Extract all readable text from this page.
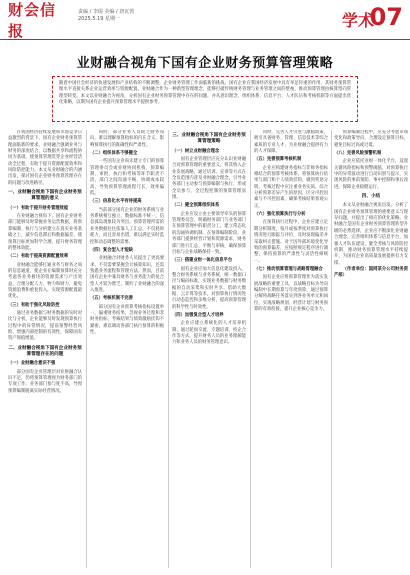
财会信报
责编 / 李琨 美编 / 唐瓦勃
2025.5.19 星期一	学术
07
业财融合视角下国有企业财务预算管理策略
随着中国社会经济的快速发展和产业结构的不断调整，企业财务管理工作面临新的挑战。国有企业在我国经济发展中具有举足轻重的作用，其财务预算管理水平直接关系企业运营效率与资源配置。业财融合作为一种新型管理理念，能够打破传统财务管理与业务管理之间的壁垒，推动预算管理由核算型向管理型转变。本文以业财融合为视角，分析国有企业财务预算管理中存在的问题，并从意识理念、组织体系、信息平台、人才队伍和考核机制等方面提出优化策略，以期为国有企业提升预算管理水平提供参考。

在我国经济持续发展和市场竞争日益激烈的背景下，国有企业财务预算管理面临新的要求。业财融合强调业务与财务的深度结合，以数据共享和流程协同为基础，使预算管理贯穿企业经营活动全过程，有助于提升资源配置效率和风险防控能力。本文从业财融合的内涵出发，探讨国有企业财务预算管理存在的问题与改进路径。

一、业财融合视角下国有企业财务预算管理的意义

（一）有助于提升财务管理效能

在业财融合视角下，国有企业财务部门能够及时掌握业务运营数据，将预算编制、执行与分析建立在真实业务基础之上，减少信息滞后和数据偏差，使预算目标更加科学合理，提升财务管理的整体效能。

（二）有助于提高资源配置效率

业财融合能够打通业务与财务之间的信息通道，使企业在编制预算时充分考虑各业务板块的资源需求与产出效益，合理分配人力、物力和财力，避免资源浪费和重复投入，实现资源配置最优化。

（三）有助于强化风险防控

通过业务数据与财务数据的实时对比与分析，企业能够及时发现预算执行过程中的异常情况，提前预警经营风险，增强内部控制的有效性，保障国有资产保值增值。

二、业财融合视角下国有企业财务预算管理存在的问题

（一）业财融合意识不强

部分国有企业管理层对业财融合认识不足，仍将预算管理视为财务部门的专项工作，业务部门参与度不高，导致预算编制脱离实际经营情况。

同时，部分业务人员缺乏财务知识，难以理解预算指标的内在含义，影响预算执行的准确性和严肃性。

（二）组织体系不够健全

一些国有企业尚未建立专门的预算管理委员会或业财协同机构，预算编制、审批、执行和考核等环节职责不清，部门之间沟通不畅，协调成本较高，导致预算管理流程冗长，效率偏低。

（三）信息化水平有待提高

当前部分国有企业的财务系统与业务系统相互独立，数据标准不统一，信息孤岛现象较为突出。预算管理所需的业务数据往往依靠人工汇总，不仅耗时耗力，而且容易出错，难以满足实时监控和动态调整的需要。

（四）复合型人才短缺

业财融合对财务人员提出了更高要求，不仅需要掌握会计核算知识，还需熟悉业务流程和管理方法。然而，目前国有企业中兼具财务与业务能力的复合型人才较为匮乏，制约了业财融合的深入推进。

（五）考核机制不完善

部分国有企业预算考核指标设置单一，偏重财务结果，忽视业务过程和非财务指标，考核结果与绩效激励挂钩不紧密，难以调动各部门执行预算的积极性。

三、业财融合视角下国有企业财务预算管理策略

（一）树立业财融合理念

国有企业管理层应充分认识业财融合对预算管理的重要意义，将其纳入企业发展战略，通过培训、宣讲等方式在全员范围内普及业财融合理念，引导业务部门主动参与预算编制与执行，形成全员参与、全过程控制的预算管理氛围。

（二）健全预算组织体系

企业应设立由主要领导牵头的预算管理委员会，明确财务部门与业务部门在预算管理中的职责分工，建立常态化的沟通协调机制。在预算编制阶段，业务部门提供经营计划和资源需求，财务部门进行汇总、平衡与审核，确保预算目标与企业战略保持一致。

（三）搭建业财一体化信息平台

国有企业应加大信息化建设投入，整合财务系统与业务系统，统一数据口径与编码标准，实现业务数据与财务数据的自动采集和实时共享。借助大数据、云计算等技术，对预算执行情况进行动态监控和多维分析，提高预算管理的科学性与时效性。

（四）加强复合型人才培养

企业应建立系统化的人才培养机制，通过轮岗交流、专题培训、校企合作等方式，提升财务人员的业务理解能力和业务人员的财务管理意识。

同时，完善人才引进与激励政策，吸引具备财务、管理、信息技术等综合素质的专业人才，为业财融合提供有力的人才保障。

（五）完善预算考核机制

企业应构建财务指标与非财务指标相结合的预算考核体系，将预算执行结果与部门和个人绩效挂钩，做到奖惩分明。考核过程中应注重业务实质，综合分析预算差异产生的原因，区分可控因素与不可控因素，确保考核结果客观公正。

（六）强化预算执行与分析

在预算执行过程中，企业应建立定期分析制度，按月或按季度对预算执行情况进行跟踪与评价，及时发现偏差并采取纠正措施。对于因外部环境变化导致的预算偏差，应按照规定程序进行调整，保持预算的严肃性与灵活性相统一。

（七）推动预算管理与战略管理融合

国有企业应将预算管理作为落实发展战略的重要工具，以战略目标为导向编制中长期预算与年度预算，通过预算分解将战略任务落实到各业务单元和岗位，实现战略规划、经营计划与财务预算的有效衔接，提升企业核心竞争力。

预算编制过程中，应充分考虑市场变化和政策导向，合理设定预算目标，避免目标过高或过低。

（八）完善风险预警机制

企业应依托业财一体化平台，设置关键风险指标和预警阈值，对预算执行中的异常波动进行自动识别与提示，实现风险的事前预防、事中控制和事后改进，保障企业稳健运行。

四、小结

本文从业财融合视角出发，分析了国有企业财务预算管理的重要意义与现存问题，并提出了相应的优化策略。业财融合是国有企业财务预算管理转型升级的必然选择，企业应不断深化业财融合理念，完善组织体系与信息平台，加强人才队伍建设，健全考核与风险防控机制，推动财务预算管理水平持续提升，为国有企业高质量发展提供有力支撑。

（作者单位：国网某分公司财务资产部）
